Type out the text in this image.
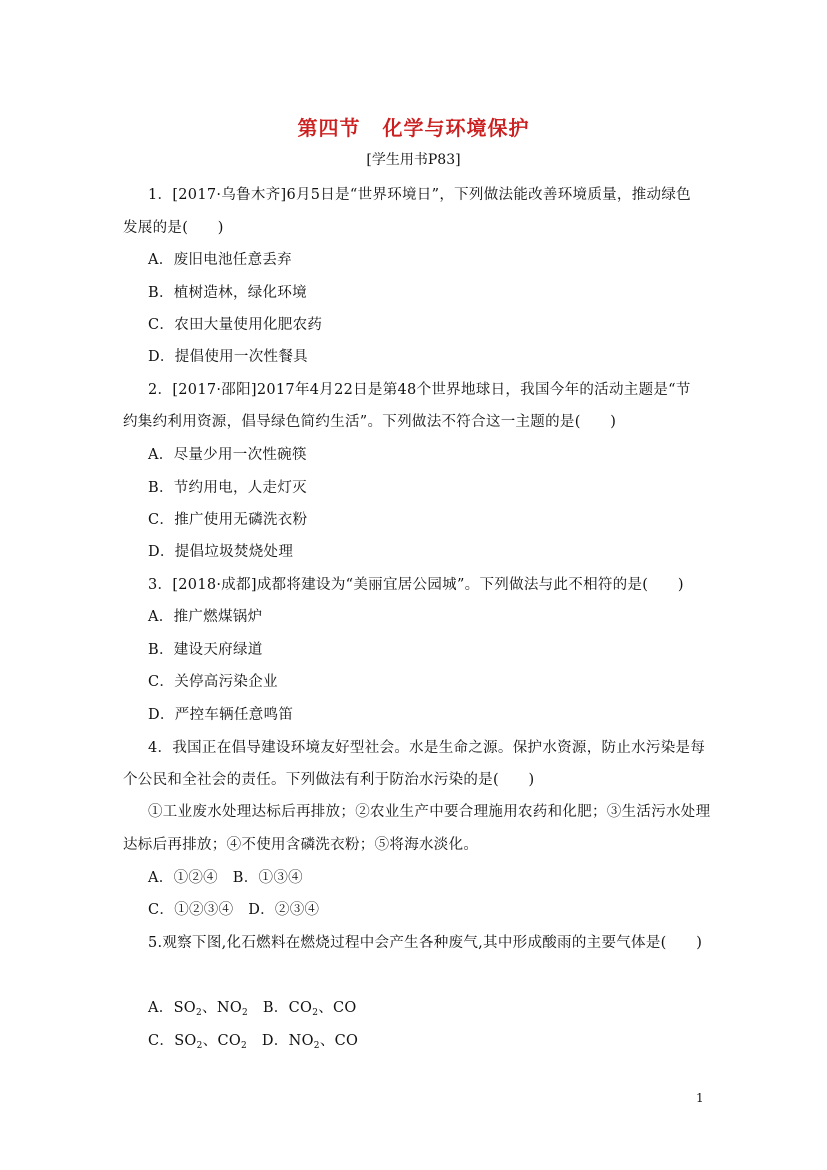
第四节 化学与环境保护
[学生用书P83]
1．[2017·乌鲁木齐]6月5日是“世界环境日”，下列做法能改善环境质量，推动绿色
发展的是(　　)
A．废旧电池任意丢弃
B．植树造林，绿化环境
C．农田大量使用化肥农药
D．提倡使用一次性餐具
2．[2017·邵阳]2017年4月22日是第48个世界地球日，我国今年的活动主题是“节
约集约利用资源，倡导绿色简约生活”。下列做法不符合这一主题的是(　　)
A．尽量少用一次性碗筷
B．节约用电，人走灯灭
C．推广使用无磷洗衣粉
D．提倡垃圾焚烧处理
3．[2018·成都]成都将建设为“美丽宜居公园城”。下列做法与此不相符的是(　　)
A．推广燃煤锅炉
B．建设天府绿道
C．关停高污染企业
D．严控车辆任意鸣笛
4．我国正在倡导建设环境友好型社会。水是生命之源。保护水资源，防止水污染是每
个公民和全社会的责任。下列做法有利于防治水污染的是(　　)
①工业废水处理达标后再排放；②农业生产中要合理施用农药和化肥；③生活污水处理
达标后再排放；④不使用含磷洗衣粉；⑤将海水淡化。
A．①②④　B．①③④
C．①②③④　D．②③④
5.观察下图,化石燃料在燃烧过程中会产生各种废气,其中形成酸雨的主要气体是(　　)
A．$SO_2$、$NO_2$　B．$CO_2$、CO
C．$SO_2$、$CO_2$　D．$NO_2$、CO
1
